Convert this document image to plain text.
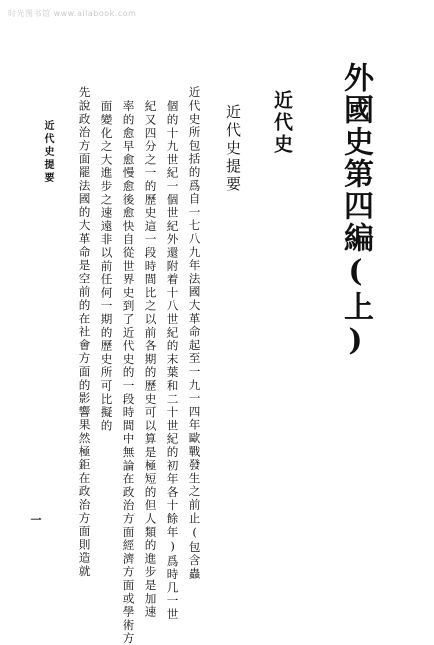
时光图书馆 www.allabook.com
外國史第四編(上)
近代史
近代史提要
近代史所包括的爲自一七八九年法國大革命起至一九一四年歐戰發生之前止(包含蟲
個的十九世紀一個世紀外還附着十八世紀的末葉和二十世紀的初年各十餘年)爲時几一世
紀又四分之一的歷史這一段時間比之以前各期的歷史可以算是極短的但人類的進步是加速
率的愈早愈慢愈後愈快自從世界史到了近代史的一段時間中無論在政治方面經濟方面或學術方
面變化之大進步之速遠非以前任何一期的歷史所可比擬的
先說政治方面罷法國的大革命是空前的在社會方面的影響果然極鉅在政治方面則造就
近代史提要
一
